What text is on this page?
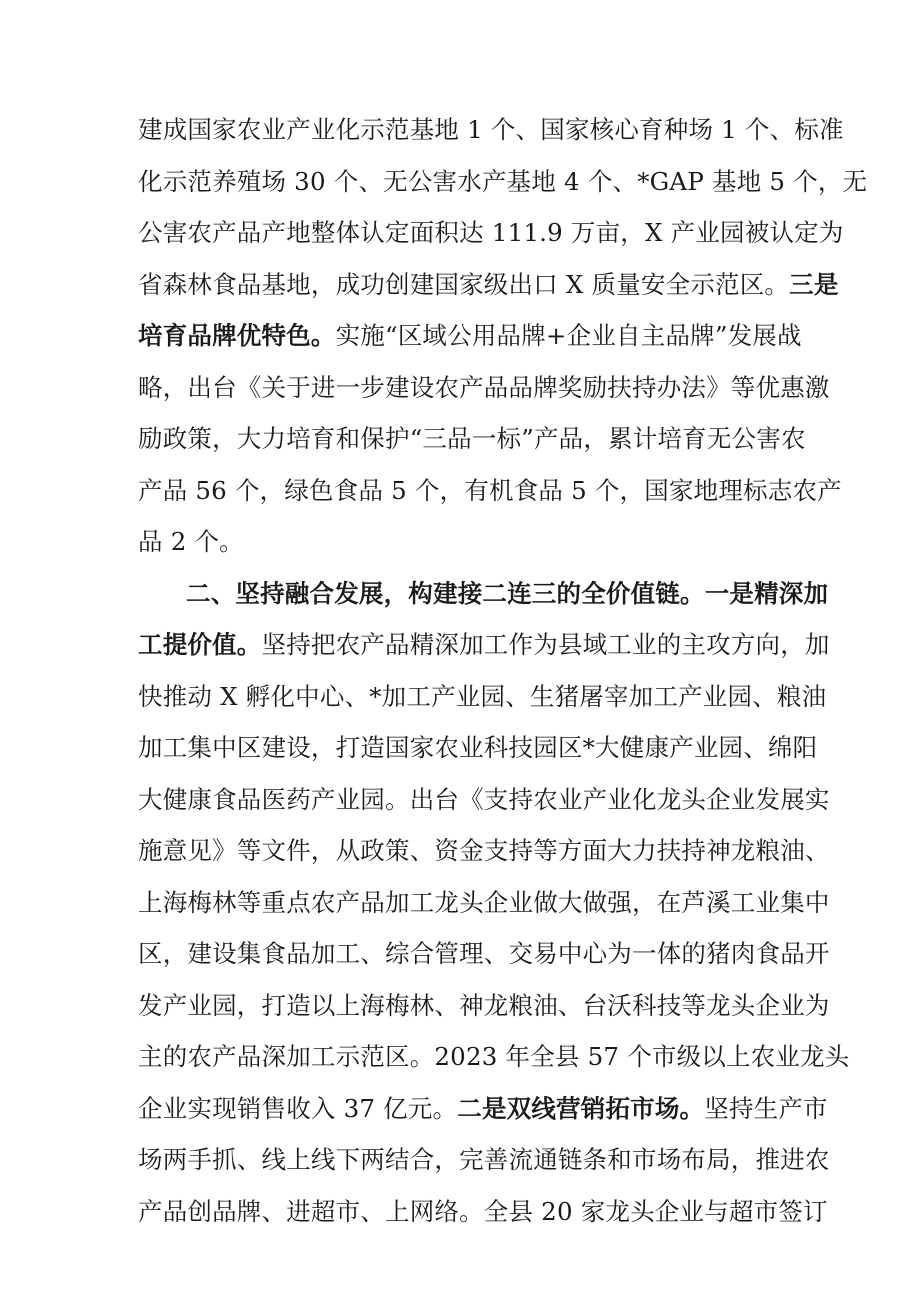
建成国家农业产业化示范基地 1 个、国家核心育种场 1 个、标准
化示范养殖场 30 个、无公害水产基地 4 个、*GAP 基地 5 个，无
公害农产品产地整体认定面积达 111.9 万亩，X 产业园被认定为
省森林食品基地，成功创建国家级出口 X 质量安全示范区。三是
培育品牌优特色。实施“区域公用品牌+企业自主品牌”发展战
略，出台《关于进一步建设农产品品牌奖励扶持办法》等优惠激
励政策，大力培育和保护“三品一标”产品，累计培育无公害农
产品 56 个，绿色食品 5 个，有机食品 5 个，国家地理标志农产
品 2 个。
二、坚持融合发展，构建接二连三的全价值链。一是精深加
工提价值。坚持把农产品精深加工作为县域工业的主攻方向，加
快推动 X 孵化中心、*加工产业园、生猪屠宰加工产业园、粮油
加工集中区建设，打造国家农业科技园区*大健康产业园、绵阳
大健康食品医药产业园。出台《支持农业产业化龙头企业发展实
施意见》等文件，从政策、资金支持等方面大力扶持神龙粮油、
上海梅林等重点农产品加工龙头企业做大做强，在芦溪工业集中
区，建设集食品加工、综合管理、交易中心为一体的猪肉食品开
发产业园，打造以上海梅林、神龙粮油、台沃科技等龙头企业为
主的农产品深加工示范区。2023 年全县 57 个市级以上农业龙头
企业实现销售收入 37 亿元。二是双线营销拓市场。坚持生产市
场两手抓、线上线下两结合，完善流通链条和市场布局，推进农
产品创品牌、进超市、上网络。全县 20 家龙头企业与超市签订
